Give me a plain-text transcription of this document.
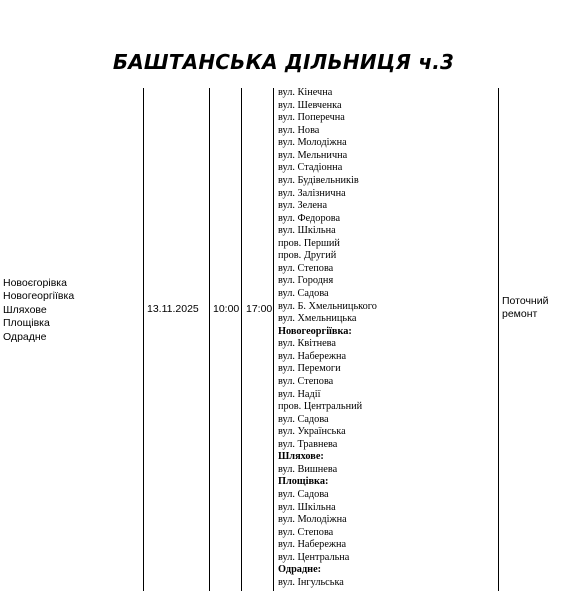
БАШТАНСЬКА ДІЛЬНИЦЯ ч.3
Новоєгорівка
Новогеоргіївка
Шляхове
Площівка
Одрадне
13.11.2025 10:00 17:00
Поточний ремонт
вул. Кінечна
вул. Шевченка
вул. Поперечна
вул. Нова
вул. Молодіжна
вул. Мельнична
вул. Стадіонна
вул. Будівельників
вул. Залізнична
вул. Зелена
вул. Федорова
вул. Шкільна
пров. Перший
пров. Другий
вул. Степова
вул. Городня
вул. Садова
вул. Б. Хмельницького
вул. Хмельницька
Новогеоргіївка:
вул. Квітнева
вул. Набережна
вул. Перемоги
вул. Степова
вул. Надії
пров. Центральний
вул. Садова
вул. Українська
вул. Травнева
Шляхове:
вул. Вишнева
Площівка:
вул. Садова
вул. Шкільна
вул. Молодіжна
вул. Степова
вул. Набережна
вул. Центральна
Одрадне:
вул. Інгульська
